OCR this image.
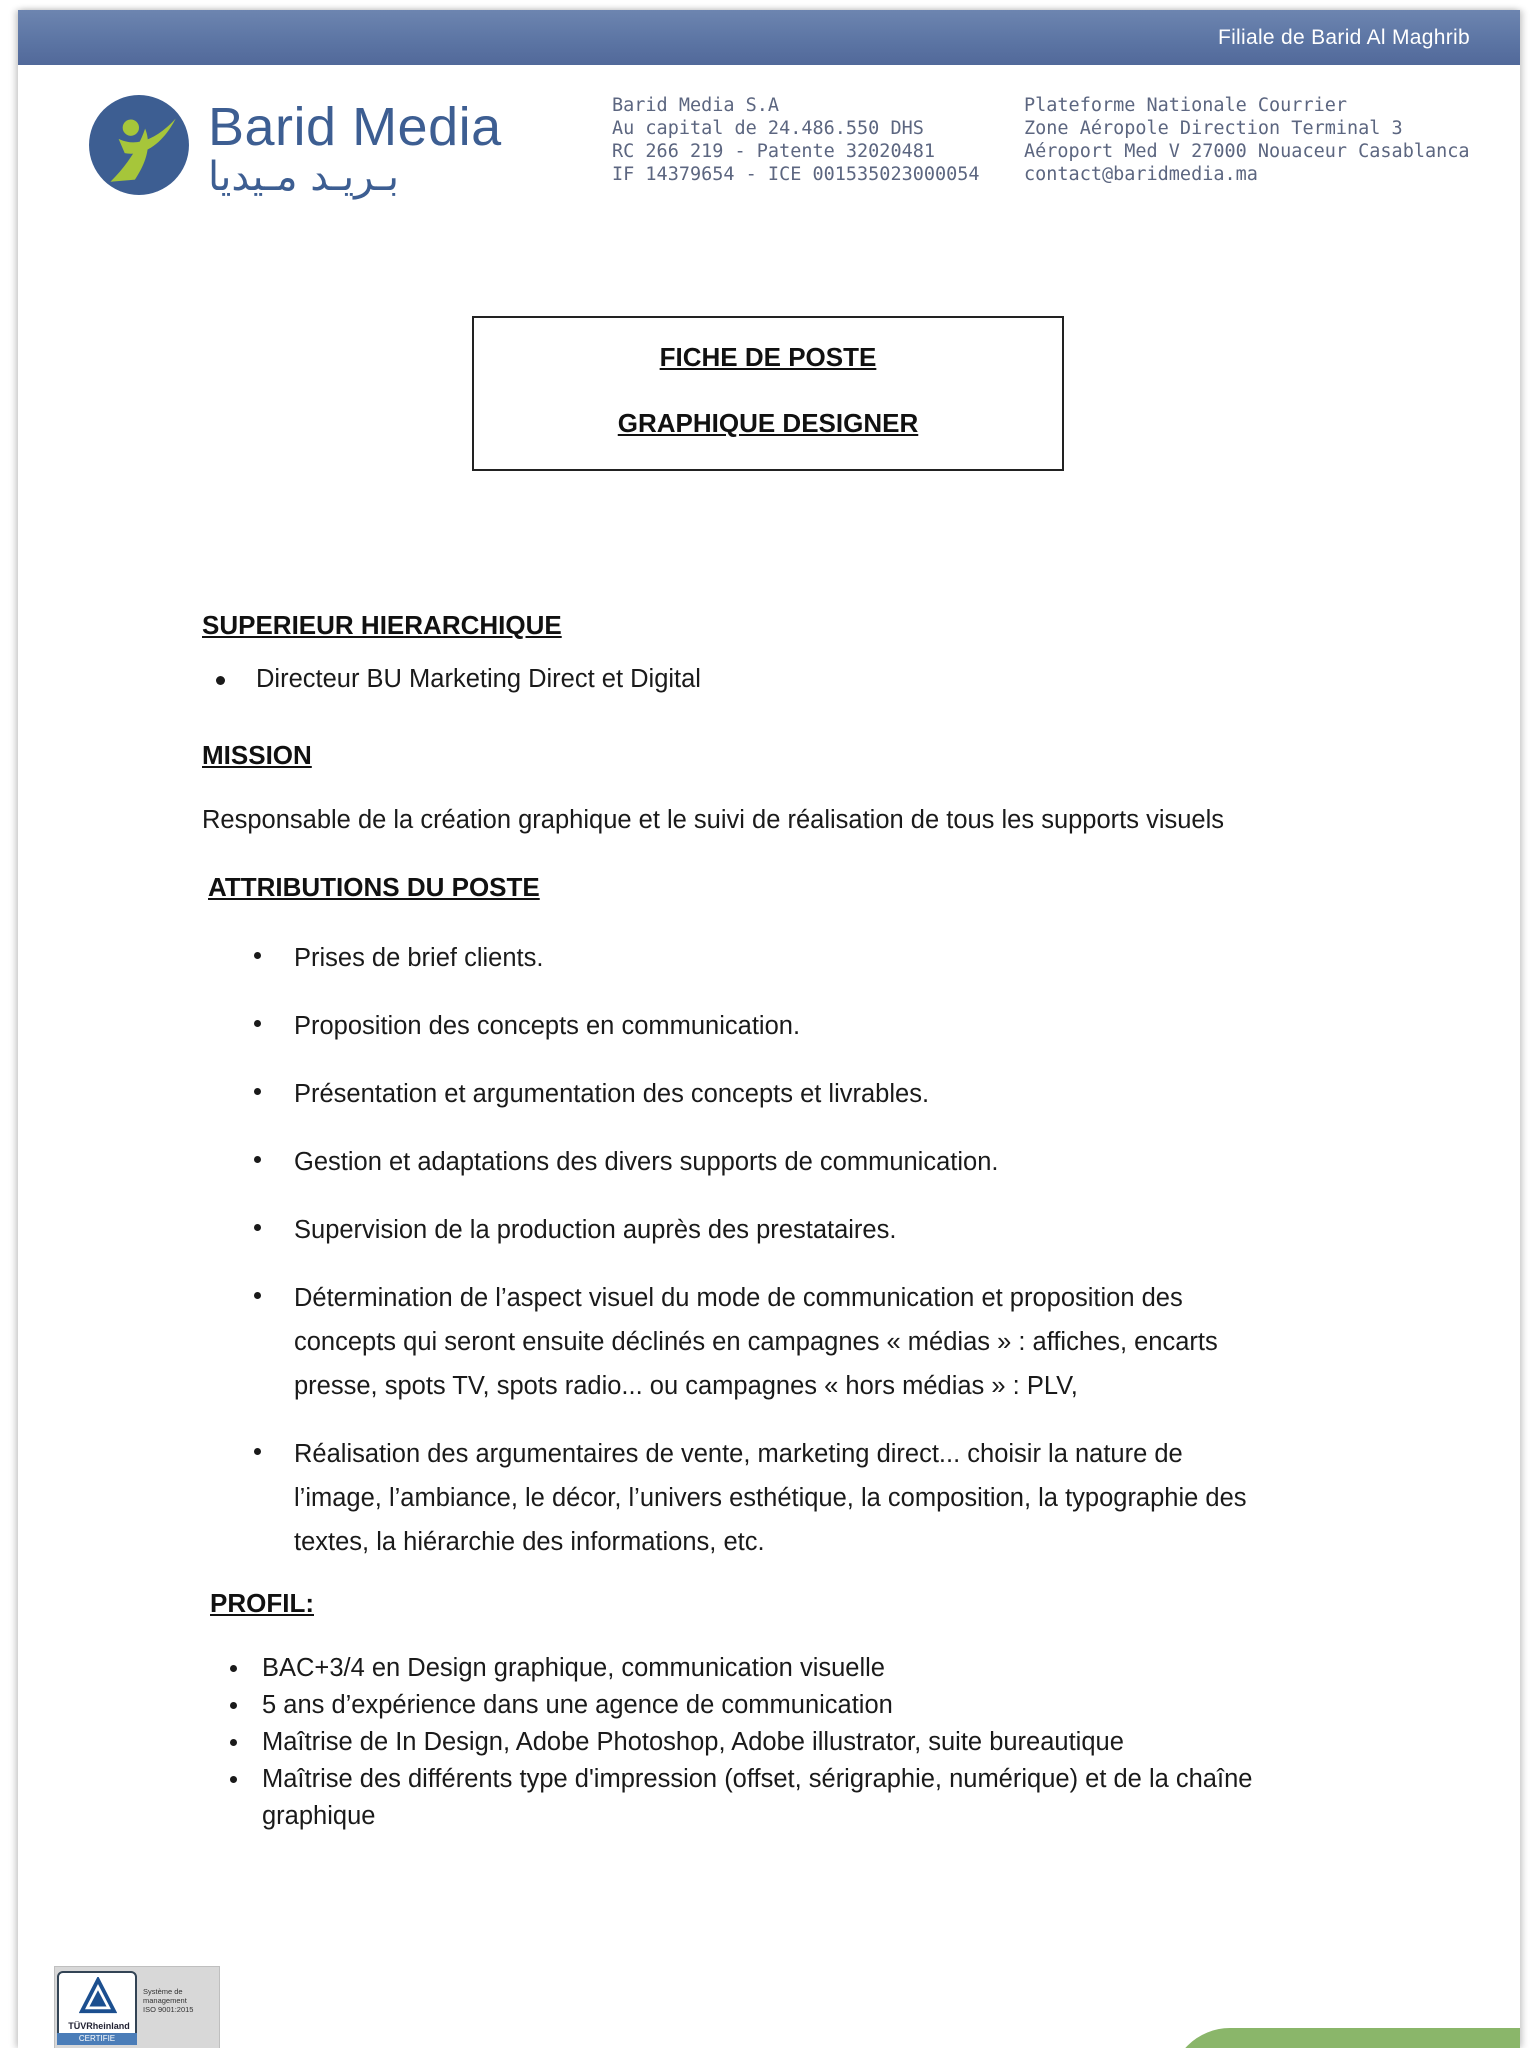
Filiale de Barid Al Maghrib
Barid Media
بـريـد مـيديا
Barid Media S.A
Au capital de 24.486.550 DHS
RC 266 219 - Patente 32020481
IF 14379654 - ICE 001535023000054
Plateforme Nationale Courrier
Zone Aéropole Direction Terminal 3
Aéroport Med V 27000 Nouaceur Casablanca
contact@baridmedia.ma
FICHE DE POSTE
GRAPHIQUE DESIGNER
SUPERIEUR HIERARCHIQUE
Directeur BU Marketing Direct et Digital
MISSION
Responsable de la création graphique et le suivi de réalisation de tous les supports visuels
ATTRIBUTIONS DU POSTE
Prises de brief clients.
Proposition des concepts en communication.
Présentation et argumentation des concepts et livrables.
Gestion et adaptations des divers supports de communication.
Supervision de la production auprès des prestataires.
Détermination de l’aspect visuel du mode de communication et proposition des
concepts qui seront ensuite déclinés en campagnes « médias » : affiches, encarts
presse, spots TV, spots radio... ou campagnes « hors médias » : PLV,
Réalisation des argumentaires de vente, marketing direct... choisir la nature de
l’image, l’ambiance, le décor, l’univers esthétique, la composition, la typographie des
textes, la hiérarchie des informations, etc.
PROFIL:
BAC+3/4 en Design graphique, communication visuelle
5 ans d’expérience dans une agence de communication
Maîtrise de In Design, Adobe Photoshop, Adobe illustrator, suite bureautique
Maîtrise des différents type d'impression (offset, sérigraphie, numérique) et de la chaîne
graphique
TÜVRheinland
CERTIFIE
Système de
management
ISO 9001:2015
